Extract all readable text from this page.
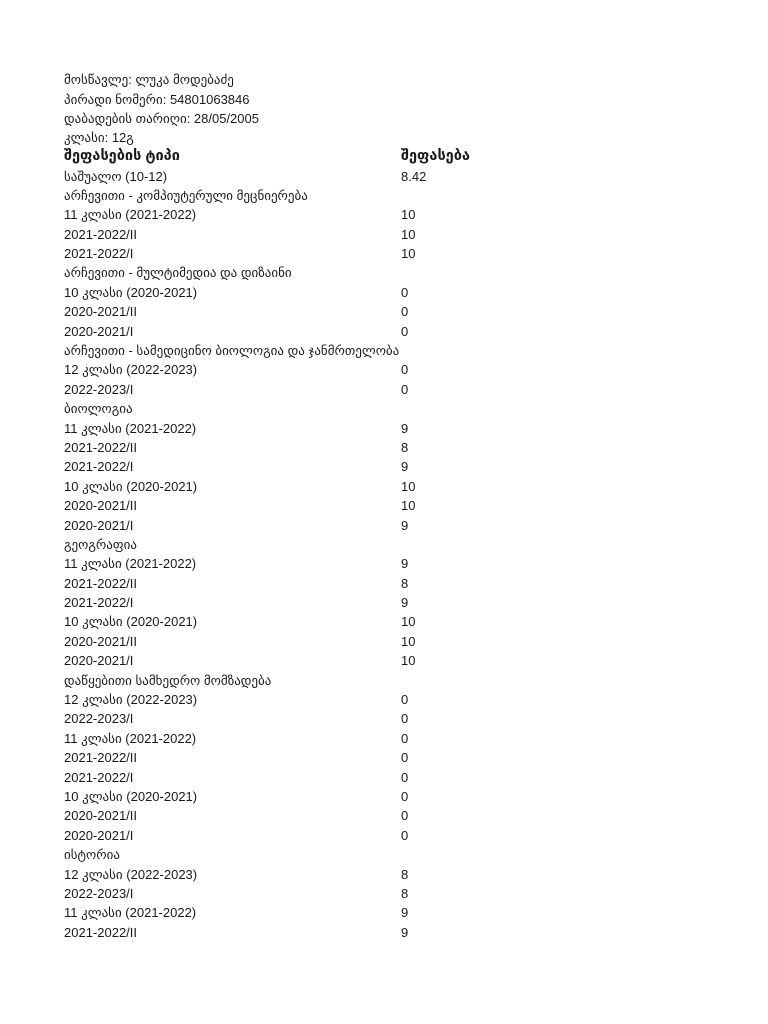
მოსწავლე: ლუკა მოდებაძე
პირადი ნომერი: 54801063846
დაბადების თარიღი: 28/05/2005
კლასი: 12გ
შეფასების ტიპი	შეფასება
საშუალო (10-12)	8.42
არჩევითი - კომპიუტერული მეცნიერება
11 კლასი (2021-2022)	10
2021-2022/II	10
2021-2022/I	10
არჩევითი - მულტიმედია და დიზაინი
10 კლასი (2020-2021)	0
2020-2021/II	0
2020-2021/I	0
არჩევითი - სამედიცინო ბიოლოგია და ჯანმრთელობა
12 კლასი (2022-2023)	0
2022-2023/I	0
ბიოლოგია
11 კლასი (2021-2022)	9
2021-2022/II	8
2021-2022/I	9
10 კლასი (2020-2021)	10
2020-2021/II	10
2020-2021/I	9
გეოგრაფია
11 კლასი (2021-2022)	9
2021-2022/II	8
2021-2022/I	9
10 კლასი (2020-2021)	10
2020-2021/II	10
2020-2021/I	10
დაწყებითი სამხედრო მომზადება
12 კლასი (2022-2023)	0
2022-2023/I	0
11 კლასი (2021-2022)	0
2021-2022/II	0
2021-2022/I	0
10 კლასი (2020-2021)	0
2020-2021/II	0
2020-2021/I	0
ისტორია
12 კლასი (2022-2023)	8
2022-2023/I	8
11 კლასი (2021-2022)	9
2021-2022/II	9
